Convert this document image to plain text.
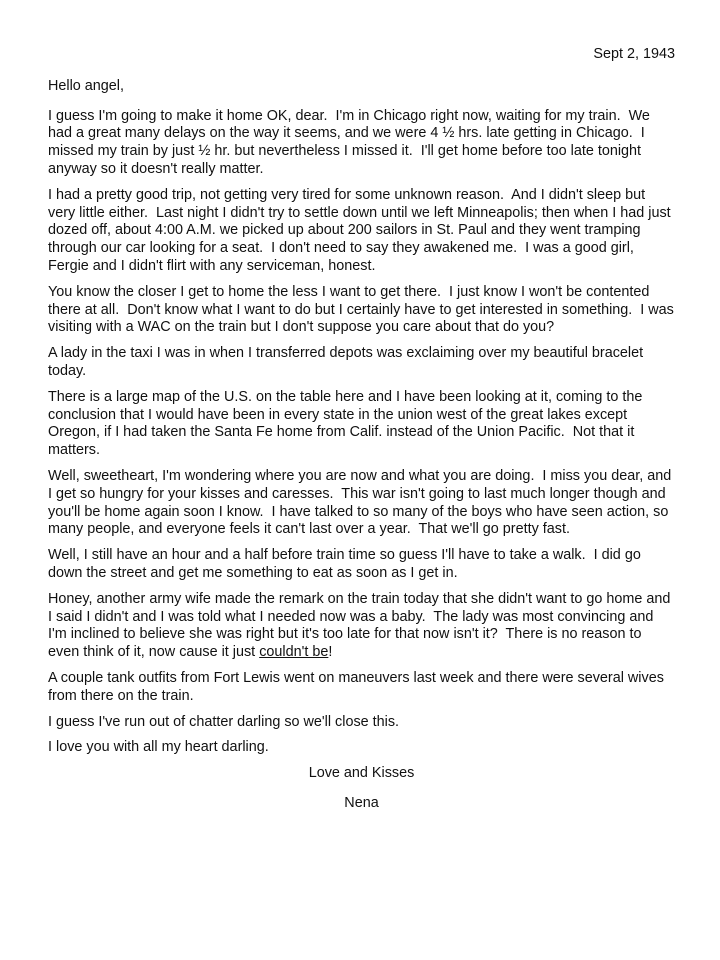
Sept 2, 1943

Hello angel,

I guess I'm going to make it home OK, dear.  I'm in Chicago right now, waiting for my train.  We had a great many delays on the way it seems, and we were 4 ½ hrs. late getting in Chicago.  I missed my train by just ½ hr. but nevertheless I missed it.  I'll get home before too late tonight anyway so it doesn't really matter.

I had a pretty good trip, not getting very tired for some unknown reason.  And I didn't sleep but very little either.  Last night I didn't try to settle down until we left Minneapolis; then when I had just dozed off, about 4:00 A.M. we picked up about 200 sailors in St. Paul and they went tramping through our car looking for a seat.  I don't need to say they awakened me.  I was a good girl, Fergie and I didn't flirt with any serviceman, honest.

You know the closer I get to home the less I want to get there.  I just know I won't be contented there at all.  Don't know what I want to do but I certainly have to get interested in something.  I was visiting with a WAC on the train but I don't suppose you care about that do you?

A lady in the taxi I was in when I transferred depots was exclaiming over my beautiful bracelet today.

There is a large map of the U.S. on the table here and I have been looking at it, coming to the conclusion that I would have been in every state in the union west of the great lakes except Oregon, if I had taken the Santa Fe home from Calif. instead of the Union Pacific.  Not that it matters.

Well, sweetheart, I'm wondering where you are now and what you are doing.  I miss you dear, and I get so hungry for your kisses and caresses.  This war isn't going to last much longer though and you'll be home again soon I know.  I have talked to so many of the boys who have seen action, so many people, and everyone feels it can't last over a year.  That we'll go pretty fast.

Well, I still have an hour and a half before train time so guess I'll have to take a walk.  I did go down the street and get me something to eat as soon as I get in.

Honey, another army wife made the remark on the train today that she didn't want to go home and I said I didn't and I was told what I needed now was a baby.  The lady was most convincing and I'm inclined to believe she was right but it's too late for that now isn't it?  There is no reason to even think of it, now cause it just couldn't be!

A couple tank outfits from Fort Lewis went on maneuvers last week and there were several wives from there on the train.

I guess I've run out of chatter darling so we'll close this.

I love you with all my heart darling.

Love and Kisses

Nena
